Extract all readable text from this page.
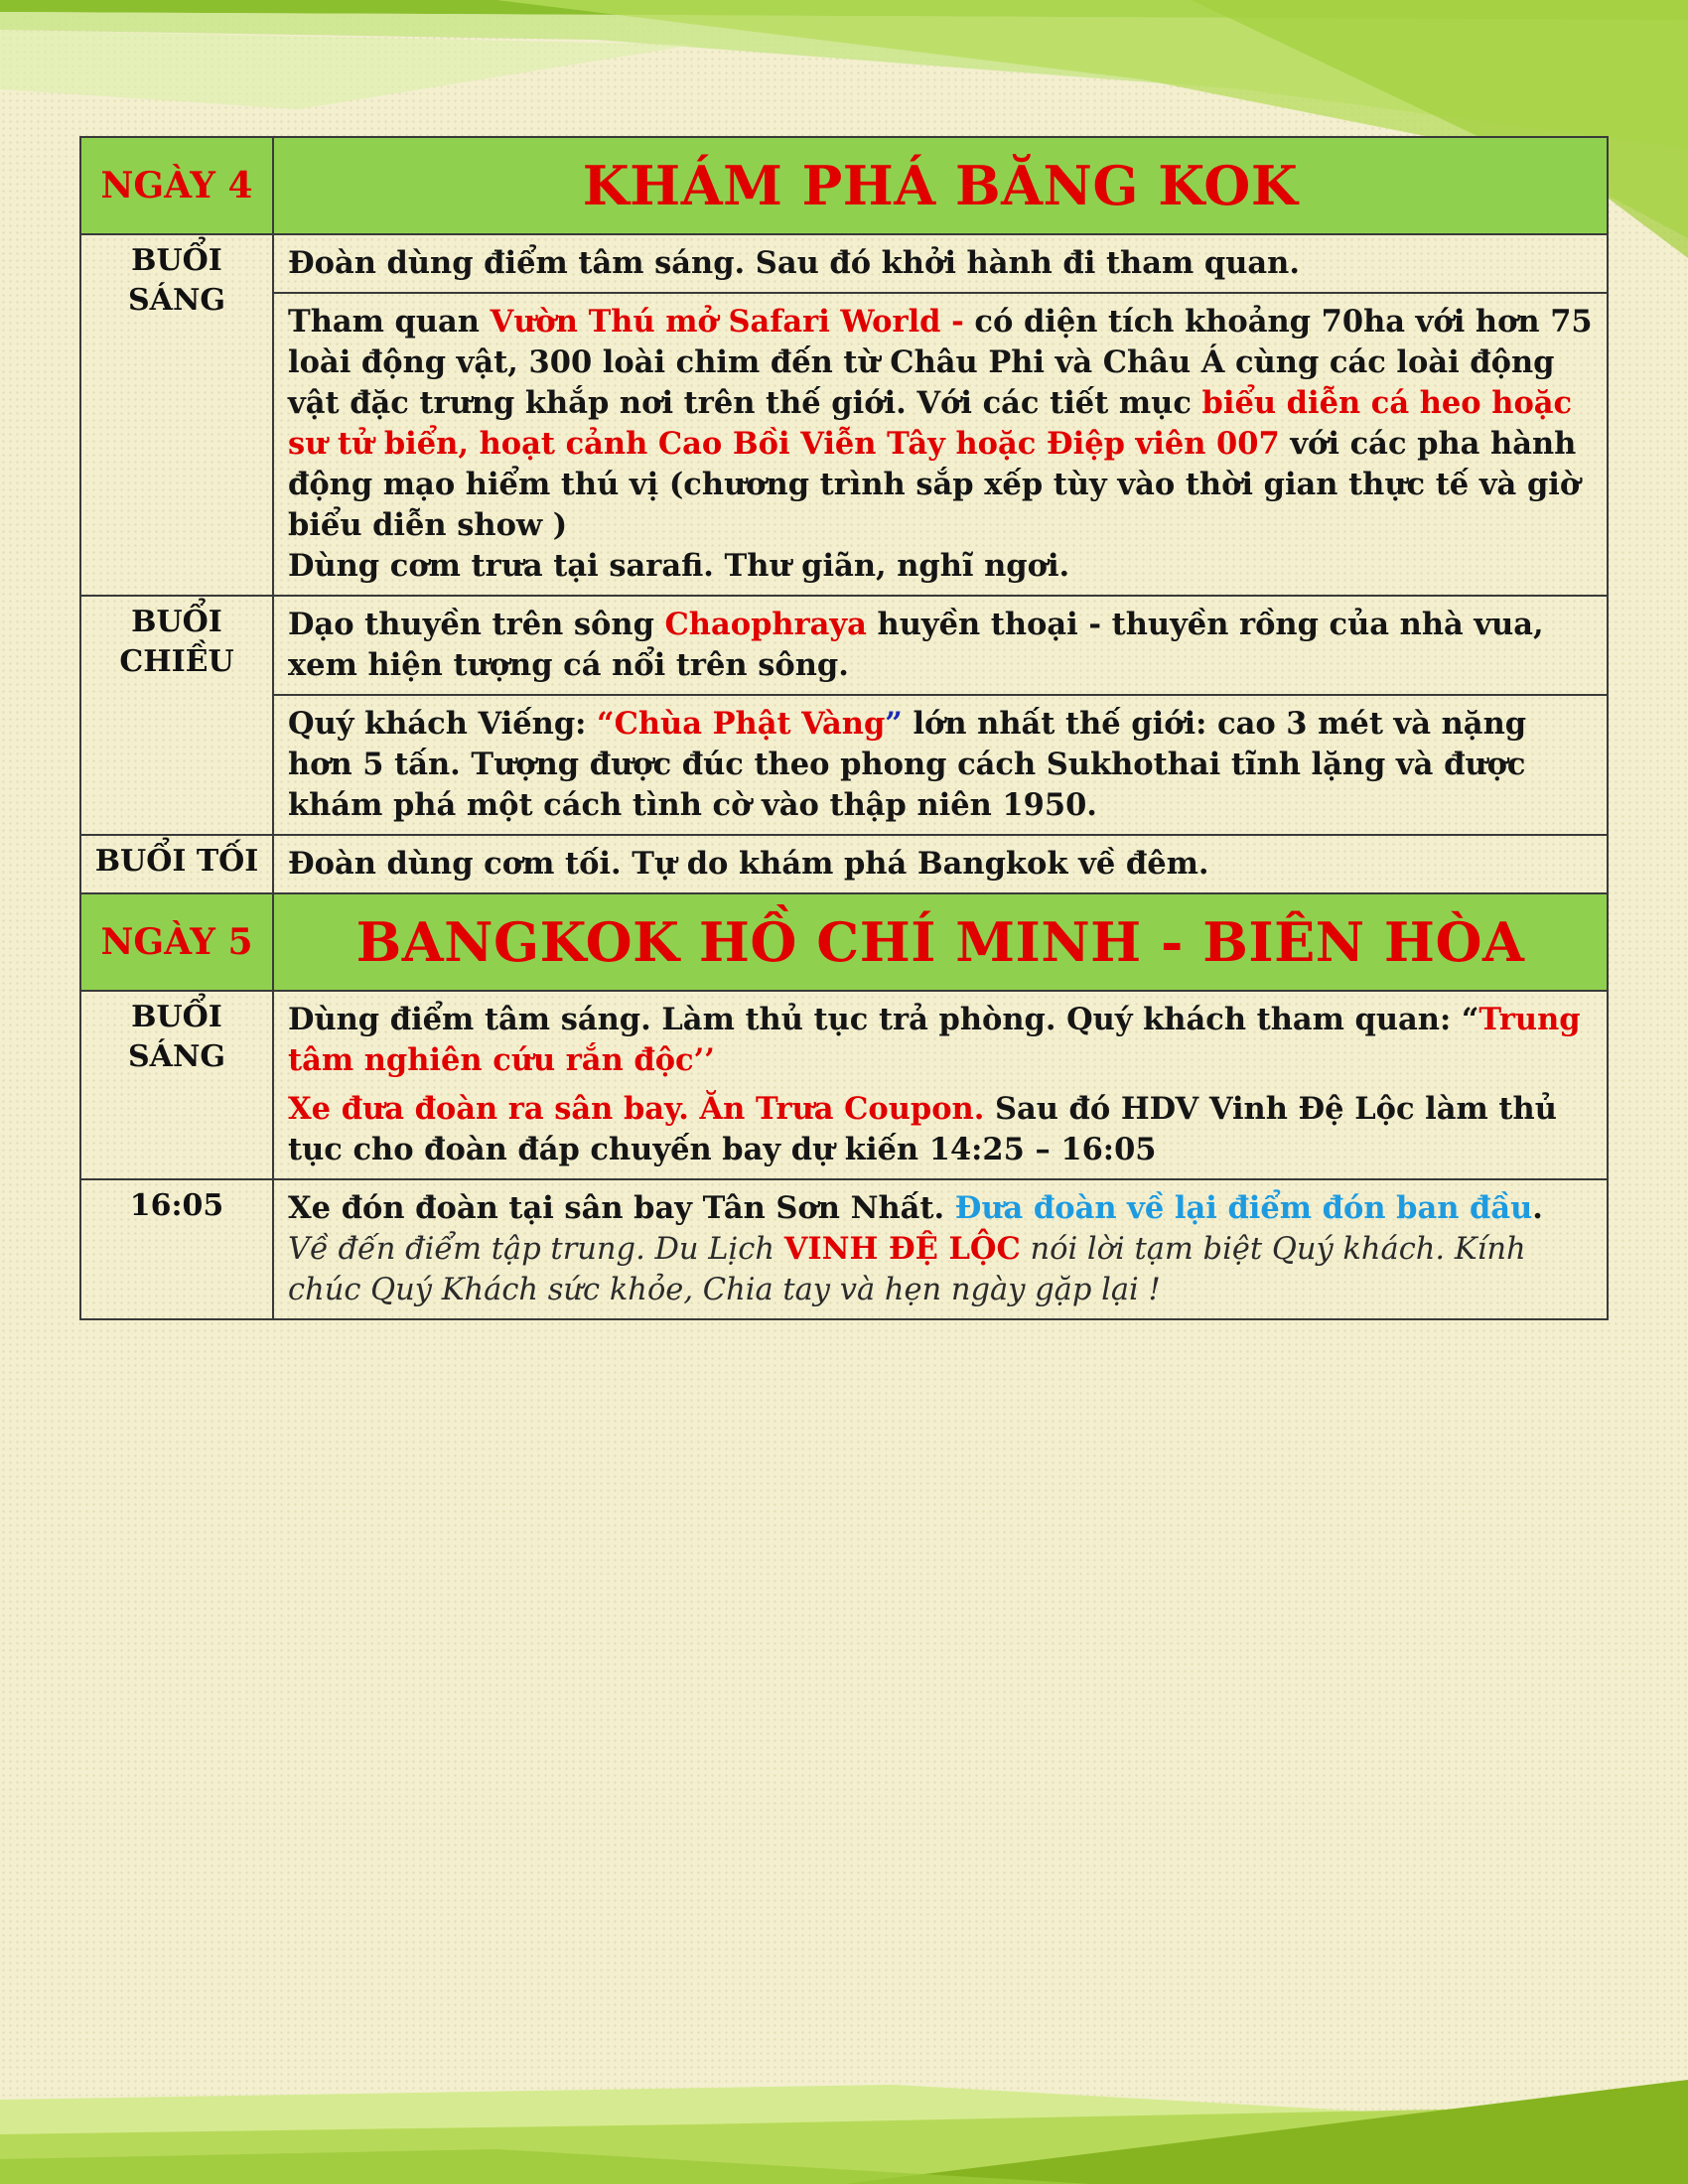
NGÀY 4	KHÁM PHÁ BĂNG KOK
BUỔI SÁNG	Đoàn dùng điểm tâm sáng. Sau đó khởi hành đi tham quan.
	Tham quan Vườn Thú mở Safari World - có diện tích khoảng 70ha với hơn 75 loài động vật, 300 loài chim đến từ Châu Phi và Châu Á cùng các loài động vật đặc trưng khắp nơi trên thế giới. Với các tiết mục biểu diễn cá heo hoặc sư tử biển, hoạt cảnh Cao Bồi Viễn Tây hoặc Điệp viên 007 với các pha hành động mạo hiểm thú vị (chương trình sắp xếp tùy vào thời gian thực tế và giờ biểu diễn show )
Dùng cơm trưa tại sarafi. Thư giãn, nghĩ ngơi.
BUỔI CHIỀU	Dạo thuyền trên sông Chaophraya huyền thoại - thuyền rồng của nhà vua, xem hiện tượng cá nổi trên sông.
	Quý khách Viếng: “Chùa Phật Vàng” lớn nhất thế giới: cao 3 mét và nặng hơn 5 tấn. Tượng được đúc theo phong cách Sukhothai tĩnh lặng và được khám phá một cách tình cờ vào thập niên 1950.
BUỔI TỐI	Đoàn dùng cơm tối. Tự do khám phá Bangkok về đêm.
NGÀY 5	BANGKOK HỒ CHÍ MINH - BIÊN HÒA
BUỔI SÁNG	Dùng điểm tâm sáng. Làm thủ tục trả phòng. Quý khách tham quan: “Trung tâm nghiên cứu rắn độc’’
Xe đưa đoàn ra sân bay. Ăn Trưa Coupon. Sau đó HDV Vinh Đệ Lộc làm thủ tục cho đoàn đáp chuyến bay dự kiến 14:25 – 16:05

16:05	Xe đón đoàn tại sân bay Tân Sơn Nhất. Đưa đoàn về lại điểm đón ban đầu. Về đến điểm tập trung. Du Lịch VINH ĐỆ LỘC nói lời tạm biệt Quý khách. Kính chúc Quý Khách sức khỏe, Chia tay và hẹn ngày gặp lại !
